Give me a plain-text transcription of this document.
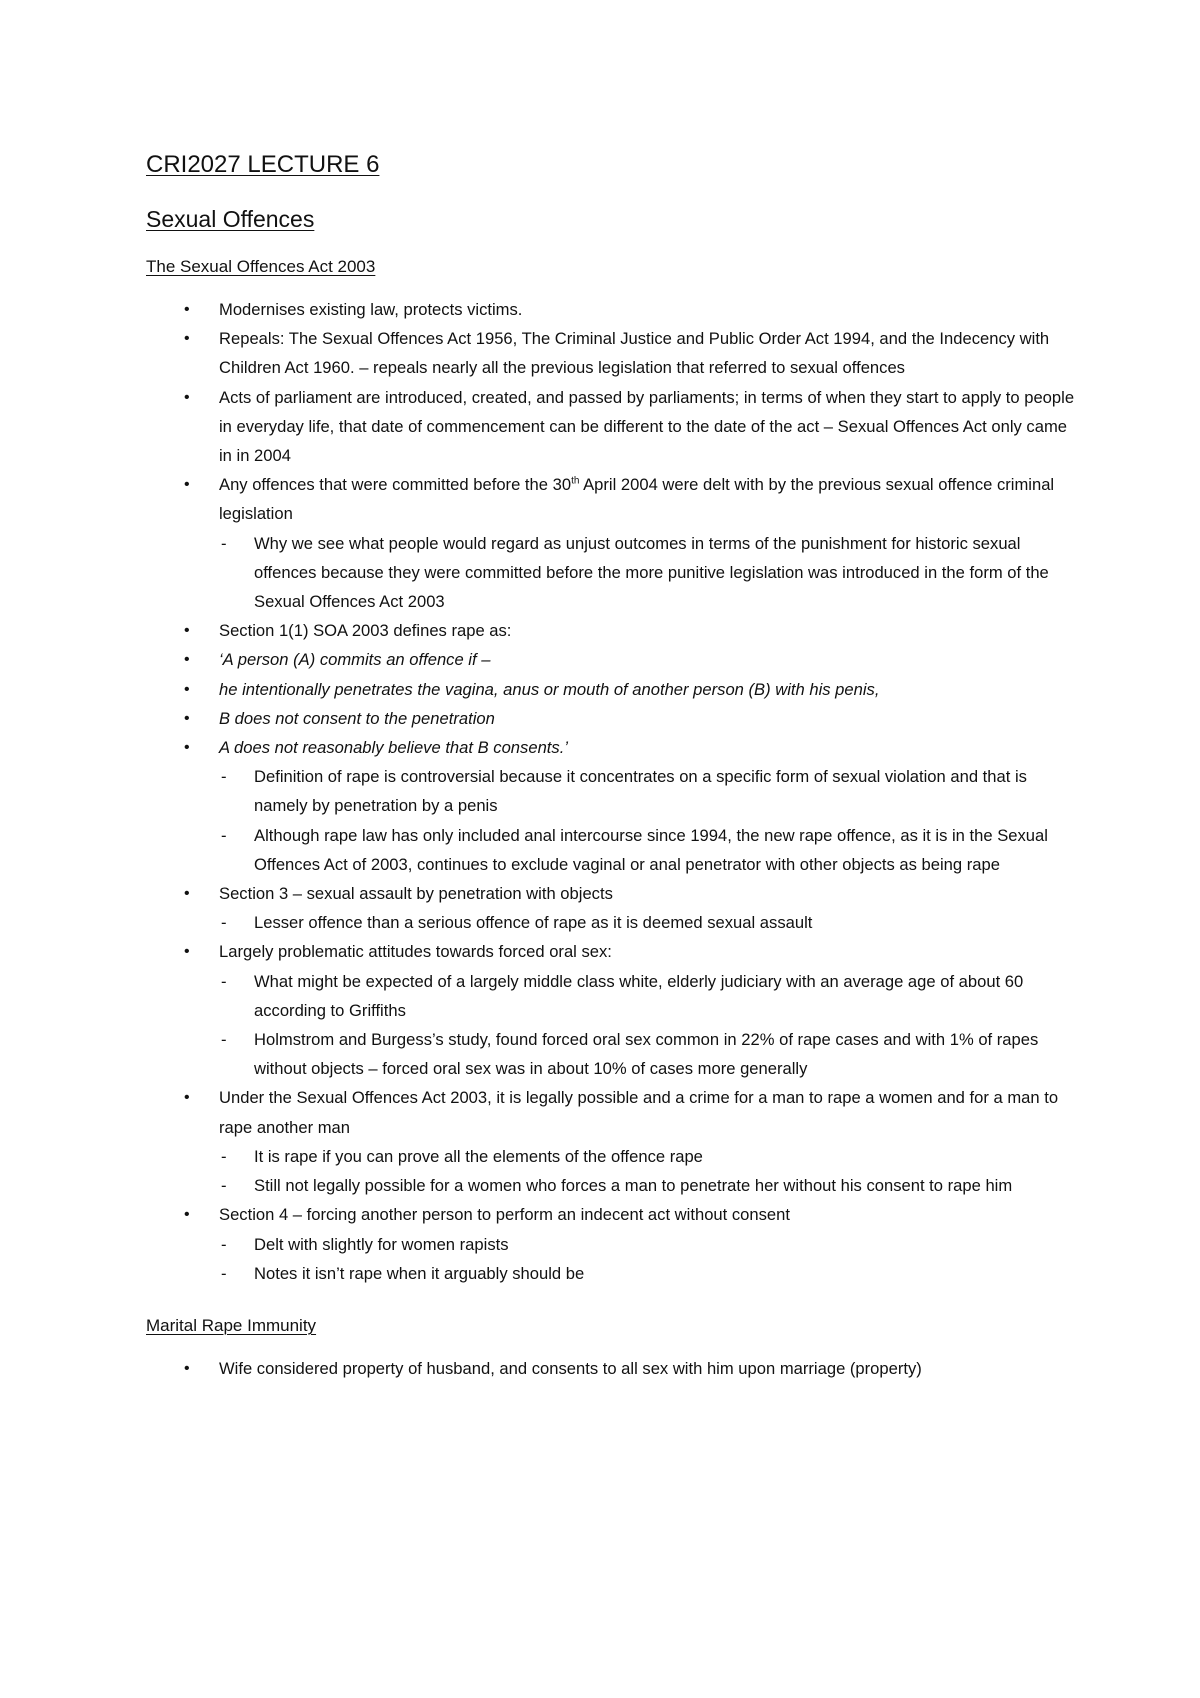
CRI2027 LECTURE 6
Sexual Offences
The Sexual Offences Act 2003
• Modernises existing law, protects victims.
• Repeals: The Sexual Offences Act 1956, The Criminal Justice and Public Order Act 1994, and the Indecency with Children Act 1960. – repeals nearly all the previous legislation that referred to sexual offences
• Acts of parliament are introduced, created, and passed by parliaments; in terms of when they start to apply to people in everyday life, that date of commencement can be different to the date of the act – Sexual Offences Act only came in in 2004
• Any offences that were committed before the 30th April 2004 were delt with by the previous sexual offence criminal legislation
- Why we see what people would regard as unjust outcomes in terms of the punishment for historic sexual offences because they were committed before the more punitive legislation was introduced in the form of the Sexual Offences Act 2003
• Section 1(1) SOA 2003 defines rape as:
• ‘A person (A) commits an offence if –
• he intentionally penetrates the vagina, anus or mouth of another person (B) with his penis,
• B does not consent to the penetration
• A does not reasonably believe that B consents.’
- Definition of rape is controversial because it concentrates on a specific form of sexual violation and that is namely by penetration by a penis
- Although rape law has only included anal intercourse since 1994, the new rape offence, as it is in the Sexual Offences Act of 2003, continues to exclude vaginal or anal penetrator with other objects as being rape
• Section 3 – sexual assault by penetration with objects
- Lesser offence than a serious offence of rape as it is deemed sexual assault
• Largely problematic attitudes towards forced oral sex:
- What might be expected of a largely middle class white, elderly judiciary with an average age of about 60 according to Griffiths
- Holmstrom and Burgess’s study, found forced oral sex common in 22% of rape cases and with 1% of rapes without objects – forced oral sex was in about 10% of cases more generally
• Under the Sexual Offences Act 2003, it is legally possible and a crime for a man to rape a women and for a man to rape another man
- It is rape if you can prove all the elements of the offence rape
- Still not legally possible for a women who forces a man to penetrate her without his consent to rape him
• Section 4 – forcing another person to perform an indecent act without consent
- Delt with slightly for women rapists
- Notes it isn’t rape when it arguably should be
Marital Rape Immunity
• Wife considered property of husband, and consents to all sex with him upon marriage (property)
